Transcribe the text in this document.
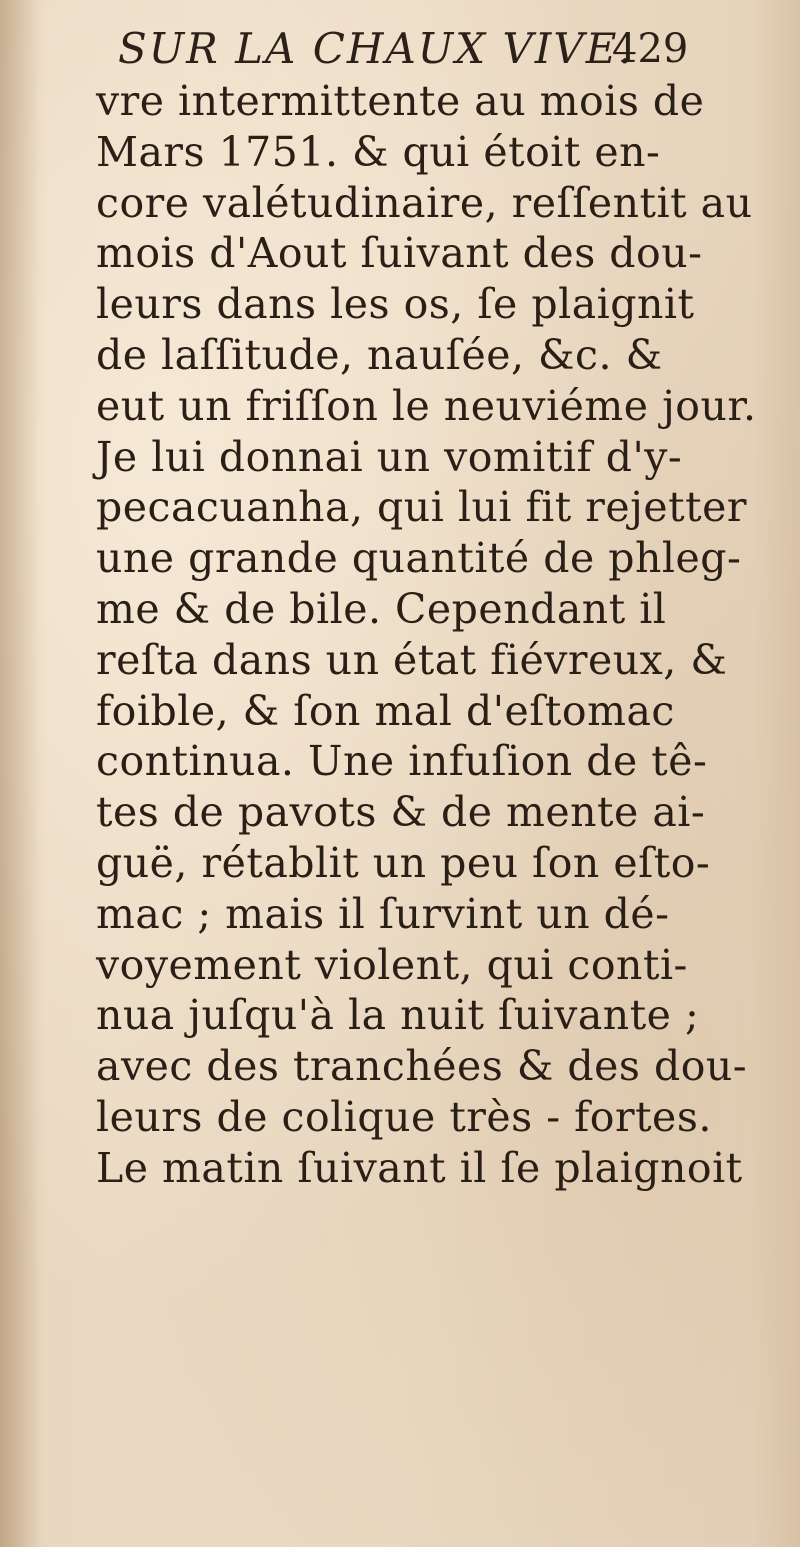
SUR LA CHAUX VIVE.
429
vre intermittente au mois de
Mars 1751. & qui étoit en-
core valétudinaire, reſſentit au
mois d'Aout ſuivant des dou-
leurs dans les os, ſe plaignit
de laſſitude, nauſée, &c. &
eut un friſſon le neuviéme jour.
Je lui donnai un vomitif d'y-
pecacuanha, qui lui fit rejetter
une grande quantité de phleg-
me & de bile. Cependant il
reſta dans un état fiévreux, &
foible, & ſon mal d'eſtomac
continua. Une infuſion de tê-
tes de pavots & de mente ai-
guë, rétablit un peu ſon eſto-
mac ; mais il ſurvint un dé-
voyement violent, qui conti-
nua juſqu'à la nuit ſuivante ;
avec des tranchées & des dou-
leurs de colique très - fortes.
Le matin ſuivant il ſe plaignoit
